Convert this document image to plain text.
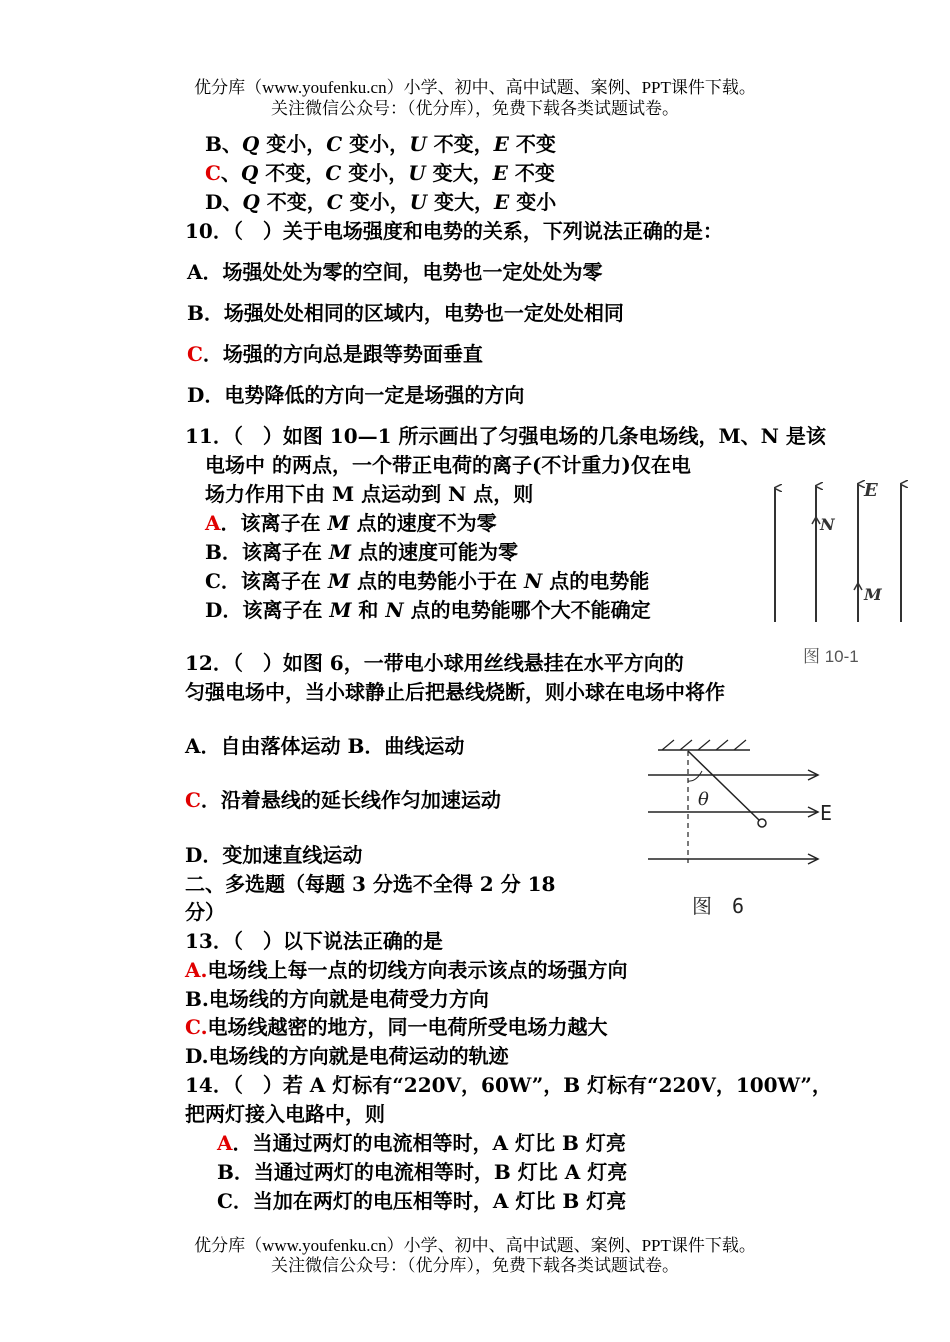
优分库（www.youfenku.cn）小学、初中、高中试题、案例、PPT课件下载。
关注微信公众号：（优分库），免费下载各类试题试卷。
B、Q 变小，C 变小，U 不变，E 不变
C、Q 不变，C 变小，U 变大，E 不变
D、Q 不变，C 变小，U 变大，E 变小
10．（　）关于电场强度和电势的关系，下列说法正确的是：
A．场强处处为零的空间，电势也一定处处为零
B．场强处处相同的区域内，电势也一定处处相同
C．场强的方向总是跟等势面垂直
D．电势降低的方向一定是场强的方向
11．（　）如图 10—1 所示画出了匀强电场的几条电场线，M、N 是该
电场中 的两点，一个带正电荷的离子(不计重力)仅在电
场力作用下由 M 点运动到 N 点，则
A．该离子在 M 点的速度不为零
B．该离子在 M 点的速度可能为零
C．该离子在 M 点的电势能小于在 N 点的电势能
D．该离子在 M 和 N 点的电势能哪个大不能确定
E
N
M
图 10-1
12．（　）如图 6，一带电小球用丝线悬挂在水平方向的
匀强电场中，当小球静止后把悬线烧断，则小球在电场中将作
A．自由落体运动 B．曲线运动
C．沿着悬线的延长线作匀加速运动
D．变加速直线运动
θ
E
图　6
二、多选题（每题 3 分选不全得 2 分 18
分）
13．（　）以下说法正确的是
A.电场线上每一点的切线方向表示该点的场强方向
B.电场线的方向就是电荷受力方向
C.电场线越密的地方，同一电荷所受电场力越大
D.电场线的方向就是电荷运动的轨迹
14．（　）若 A 灯标有“220V，60W”，B 灯标有“220V，100W”，
把两灯接入电路中，则
A．当通过两灯的电流相等时，A 灯比 B 灯亮
B．当通过两灯的电流相等时，B 灯比 A 灯亮
C．当加在两灯的电压相等时，A 灯比 B 灯亮
优分库（www.youfenku.cn）小学、初中、高中试题、案例、PPT课件下载。
关注微信公众号：（优分库），免费下载各类试题试卷。
